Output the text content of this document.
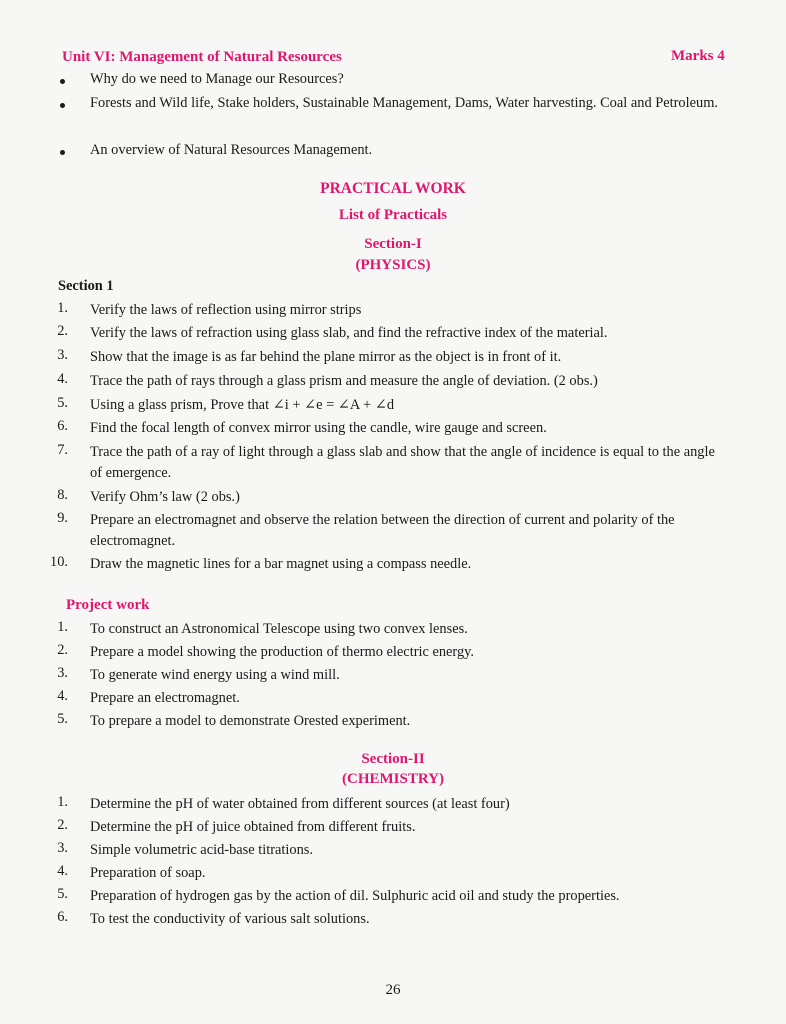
Unit VI: Management of Natural Resources	Marks 4
Why do we need to Manage our Resources?
Forests and Wild life, Stake holders, Sustainable Management, Dams, Water harvesting. Coal and Petroleum.
An overview of Natural Resources Management.
PRACTICAL WORK
List of Practicals
Section-I
(PHYSICS)
Section 1
1. Verify the laws of reflection using mirror strips
2. Verify the laws of refraction using glass slab, and find the refractive index of the material.
3. Show that the image is as far behind the plane mirror as the object is in front of it.
4. Trace the path of rays through a glass prism and measure the angle of deviation. (2 obs.)
5. Using a glass prism, Prove that ∠i + ∠e = ∠A + ∠d
6. Find the focal length of convex mirror using the candle, wire gauge and screen.
7. Trace the path of a ray of light through a glass slab and show that the angle of incidence is equal to the angle of emergence.
8. Verify Ohm’s law (2 obs.)
9. Prepare an electromagnet and observe the relation between the direction of current and polarity of the electromagnet.
10. Draw the magnetic lines for a bar magnet using a compass needle.
Project work
1. To construct an Astronomical Telescope using two convex lenses.
2. Prepare a model showing the production of thermo electric energy.
3. To generate wind energy using a wind mill.
4. Prepare an electromagnet.
5. To prepare a model to demonstrate Orested experiment.
Section-II
(CHEMISTRY)
1. Determine the pH of water obtained from different sources (at least four)
2. Determine the pH of juice obtained from different fruits.
3. Simple volumetric acid-base titrations.
4. Preparation of soap.
5. Preparation of hydrogen gas by the action of dil. Sulphuric acid oil and study the properties.
6. To test the conductivity of various salt solutions.
26
